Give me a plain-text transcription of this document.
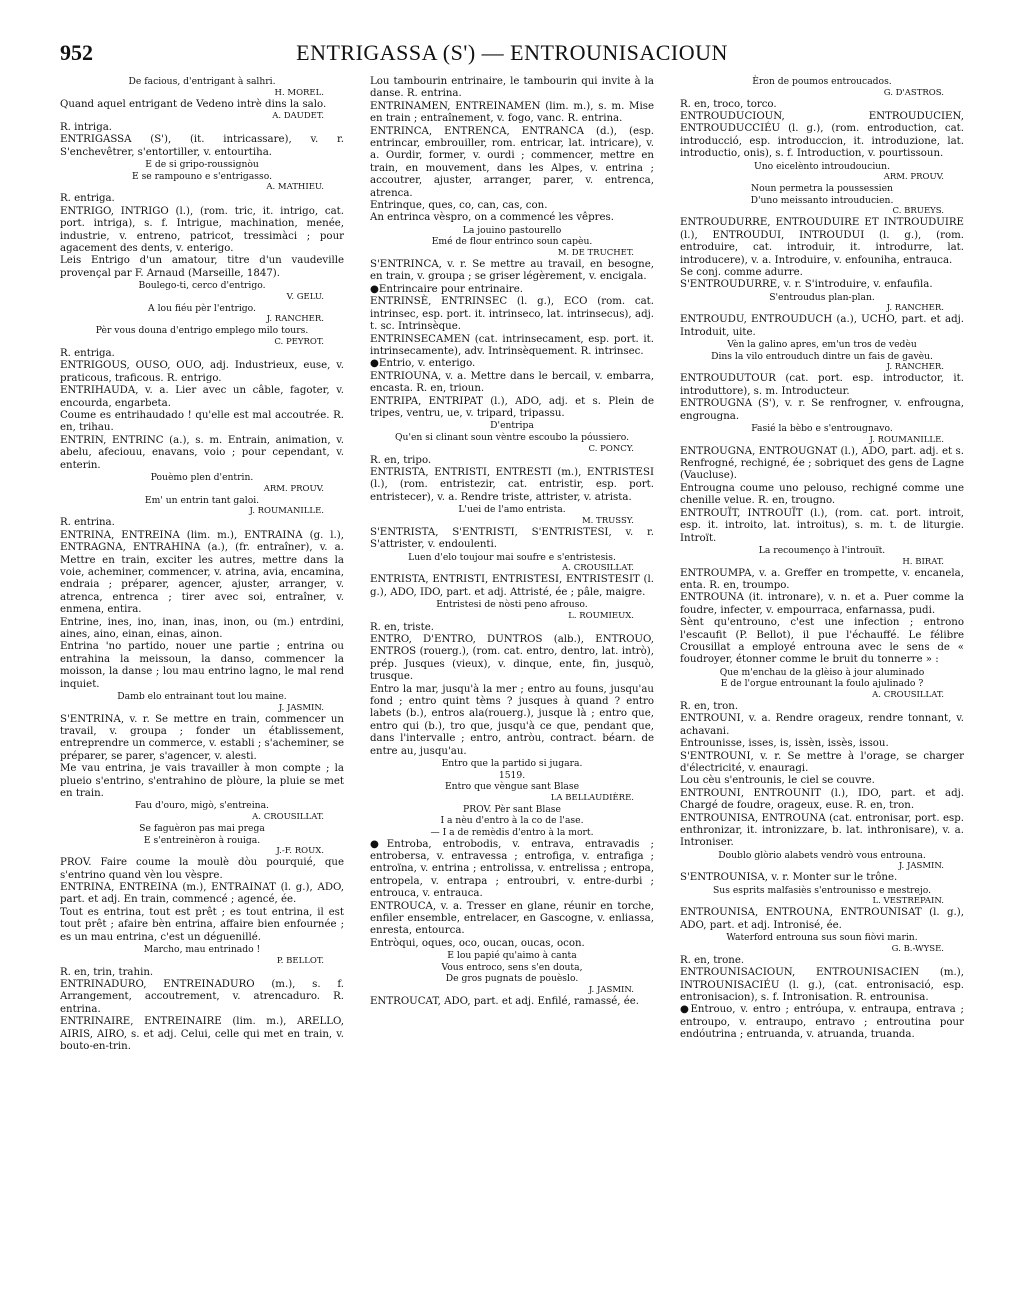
952	ENTRIGASSA (S') — ENTROUNISACIOUN

De facious, d'entrigant à salhri.

H. MOREL.

Quand aquel entrigant de Vedeno intrè dins la salo.

A. DAUDET.

R. intriga.

ENTRIGASSA (S'), (it. intricassare), v. r. S'enchevêtrer, s'entortiller, v. entourtiha.

E de si gripo-roussignòu

E se rampouno e s'entrigasso.

A. MATHIEU.

R. entriga.

ENTRIGO, INTRIGO (l.), (rom. tric, it. intrigo, cat. port. intriga), s. f. Intrigue, machination, menée, industrie, v. entreno, patricot, tressimàci ; pour agacement des dents, v. enterigo.

Leis Entrigo d'un amatour, titre d'un vaudeville provençal par F. Arnaud (Marseille, 1847).

Boulego-ti, cerco d'entrigo.

V. GELU.

A lou fiéu pèr l'entrigo.

J. RANCHER.

Pèr vous douna d'entrigo emplego milo tours.

C. PEYROT.

R. entriga.

ENTRIGOUS, OUSO, OUO, adj. Industrieux, euse, v. praticous, traficous. R. entrigo.

ENTRIHAUDA, v. a. Lier avec un câble, fagoter, v. encourda, engarbeta.

Coume es entrihaudado ! qu'elle est mal accoutrée. R. en, trihau.

ENTRIN, ENTRINC (a.), s. m. Entrain, animation, v. abelu, afeciouu, enavans, voio ; pour cependant, v. enterin.

Pouèmo plen d'entrin.

ARM. PROUV.

Em' un entrin tant galoi.

J. ROUMANILLE.

R. entrina.

ENTRINA, ENTREINA (lim. m.), ENTRAINA (g. l.), ENTRAGNA, ENTRAHINA (a.), (fr. entraîner), v. a. Mettre en train, exciter les autres, mettre dans la voie, acheminer, commencer, v. atrina, avia, encamina, endraia ; préparer, agencer, ajuster, arranger, v. atrenca, entrenca ; tirer avec soi, entraîner, v. enmena, entira.

Entrine, ines, ino, inan, inas, inon, ou (m.) entrdini, aines, aino, einan, einas, ainon.

Entrina 'no partido, nouer une partie ; entrina ou entrahina la meissoun, la danso, commencer la moisson, la danse ; lou mau entrino lagno, le mal rend inquiet.

Damb elo entrainant tout lou maine.

J. JASMIN.

S'ENTRINA, v. r. Se mettre en train, commencer un travail, v. groupa ; fonder un établissement, entreprendre un commerce, v. establi ; s'acheminer, se préparer, se parer, s'agencer, v. alesti.

Me vau entrina, je vais travailler à mon compte ; la plueio s'entrino, s'entrahino de plòure, la pluie se met en train.

Fau d'ouro, migò, s'entreina.

A. CROUSILLAT.

Se faguèron pas mai prega

E s'entreinèron à rouiga.

J.-F. ROUX.

PROV. Faire coume la moulè dòu pourquié, que s'entrino quand vèn lou vèspre.

ENTRINA, ENTREINA (m.), ENTRAINAT (l. g.), ADO, part. et adj. En train, commencé ; agencé, ée.

Tout es entrina, tout est prêt ; es tout entrina, il est tout prêt ; afaire bèn entrina, affaire bien enfournée ; es un mau entrina, c'est un déguenillé.

Marcho, mau entrinado !

P. BELLOT.

R. en, trin, trahin.

ENTRINADURO, ENTREINADURO (m.), s. f. Arrangement, accoutrement, v. atrencaduro. R. entrina.

ENTRINAIRE, ENTREINAIRE (lim. m.), ARELLO, AIRIS, AIRO, s. et adj. Celui, celle qui met en train, v. bouto-en-trin.

Lou tambourin entrinaire, le tambourin qui invite à la danse. R. entrina.

ENTRINAMEN, ENTREINAMEN (lim. m.), s. m. Mise en train ; entraînement, v. fogo, vanc. R. entrina.

ENTRINCA, ENTRENCA, ENTRANCA (d.), (esp. entrincar, embrouiller, rom. entricar, lat. intricare), v. a. Ourdir, former, v. ourdi ; commencer, mettre en train, en mouvement, dans les Alpes, v. entrina ; accoutrer, ajuster, arranger, parer, v. entrenca, atrenca.

Entrinque, ques, co, can, cas, con.

An entrinca vèspro, on a commencé les vêpres.

La jouino pastourello

Emé de flour entrinco soun capèu.

M. DE TRUCHET.

S'ENTRINCA, v. r. Se mettre au travail, en besogne, en train, v. groupa ; se griser légèrement, v. encigala.

●Entrincaire pour entrinaire.

ENTRINSÈ, ENTRINSEC (l. g.), ECO (rom. cat. intrinsec, esp. port. it. intrinseco, lat. intrinsecus), adj. t. sc. Intrinsèque.

ENTRINSECAMEN (cat. intrinsecament, esp. port. it. intrinsecamente), adv. Intrinsèquement. R. intrinsec.

●Entrio, v. enterigo.

ENTRIOUNA, v. a. Mettre dans le bercail, v. embarra, encasta. R. en, trioun.

ENTRIPA, ENTRIPAT (l.), ADO, adj. et s. Plein de tripes, ventru, ue, v. tripard, tripassu.

D'entripa

Qu'en si clinant soun vèntre escoubo la póussiero.

C. PONCY.

R. en, tripo.

ENTRISTA, ENTRISTI, ENTRESTI (m.), ENTRISTESI (l.), (rom. entristezir, cat. entristir, esp. port. entristecer), v. a. Rendre triste, attrister, v. atrista.

L'uei de l'amo entrista.

M. TRUSSY.

S'ENTRISTA, S'ENTRISTI, S'ENTRISTESI, v. r. S'attrister, v. endoulenti.

Luen d'elo toujour mai soufre e s'entristesis.

A. CROUSILLAT.

ENTRISTA, ENTRISTI, ENTRISTESI, ENTRISTESIT (l. g.), ADO, IDO, part. et adj. Attristé, ée ; pâle, maigre.

Entristesi de nòsti peno afrouso.

L. ROUMIEUX.

R. en, triste.

ENTRO, D'ENTRO, DUNTROS (alb.), ENTROUO, ENTROS (rouerg.), (rom. cat. entro, dentro, lat. intrò), prép. Jusques (vieux), v. dinque, ente, fin, jusquò, trusque.

Entro la mar, jusqu'à la mer ; entro au founs, jusqu'au fond ; entro quint tèms ? jusques à quand ? entro labets (b.), entros ala(rouerg.), jusque là ; entro que, entro qui (b.), tro que, jusqu'à ce que, pendant que, dans l'intervalle ; entro, antròu, contract. béarn. de entre au, jusqu'au.

Entro que la partido si jugara.

1519.

Entro que vèngue sant Blase

LA BELLAUDIÈRE.

PROV. Pèr sant Blase

I a nèu d'entro à la co de l'ase.

— I a de remèdis d'entro à la mort.

●Entroba, entrobodis, v. entrava, entravadis ; entrobersa, v. entravessa ; entrofiga, v. entrafiga ; entroïna, v. entrina ; entrolissa, v. entrelissa ; entropa, entropela, v. entrapa ; entroubri, v. entre-durbi ; entrouca, v. entrauca.

ENTROUCA, v. a. Tresser en glane, réunir en torche, enfiler ensemble, entrelacer, en Gascogne, v. enliassa, enresta, entourca.

Entròqui, oques, oco, oucan, oucas, ocon.

E lou papié qu'aimo à canta

Vous entroco, sens s'en douta,

De gros pugnats de pouèslo.

J. JASMIN.

ENTROUCAT, ADO, part. et adj. Enfilé, ramassé, ée.

Èron de poumos entroucados.

G. D'ASTROS.

R. en, troco, torco.

ENTROUDUCIOUN, ENTROUDUCIEN, ENTROUDUCCIÉU (l. g.), (rom. entroduction, cat. introducció, esp. introduccion, it. introduzione, lat. introductio, onis), s. f. Introduction, v. pourtissoun.

Uno eicelènto introudouciun.

ARM. PROUV.

Noun permetra la poussessien

D'uno meissanto introuducien.

C. BRUEYS.

ENTROUDURRE, ENTROUDUIRE ET INTROUDUIRE (l.), ENTROUDUI, INTROUDUI (l. g.), (rom. entroduire, cat. introduir, it. introdurre, lat. introducere), v. a. Introduire, v. enfouniha, entrauca.

Se conj. comme adurre.

S'ENTROUDURRE, v. r. S'introduire, v. enfaufila.

S'entroudus plan-plan.

J. RANCHER.

ENTROUDU, ENTROUDUCH (a.), UCHO, part. et adj. Introduit, uite.

Vèn la galino apres, em'un tros de vedèu

Dins la vilo entrouduch dintre un fais de gavèu.

J. RANCHER.

ENTROUDUTOUR (cat. port. esp. introductor, it. introduttore), s. m. Introducteur.

ENTROUGNA (S'), v. r. Se renfrogner, v. enfrougna, engrougna.

Fasié la bèbo e s'entrougnavo.

J. ROUMANILLE.

ENTROUGNA, ENTROUGNAT (l.), ADO, part. adj. et s. Renfrogné, rechigné, ée ; sobriquet des gens de Lagne (Vaucluse).

Entrougna coume uno pelouso, rechigné comme une chenille velue. R. en, trougno.

ENTROUÏT, INTROUÏT (l.), (rom. cat. port. introit, esp. it. introito, lat. introitus), s. m. t. de liturgie. Introït.

La recoumenço à l'introuït.

H. BIRAT.

ENTROUMPA, v. a. Greffer en trompette, v. encanela, enta. R. en, troumpo.

ENTROUNA (it. intronare), v. n. et a. Puer comme la foudre, infecter, v. empourraca, enfarnassa, pudi.

Sènt qu'entrouno, c'est une infection ; entrono l'escaufit (P. Bellot), il pue l'échauffé. Le félibre Crousillat a employé entrouna avec le sens de « foudroyer, étonner comme le bruit du tonnerre » :

Que m'enchau de la glèiso à jour aluminado

E de l'orgue entrounant la foulo ajulinado ?

A. CROUSILLAT.

R. en, tron.

ENTROUNI, v. a. Rendre orageux, rendre tonnant, v. achavani.

Entrounisse, isses, is, issèn, issès, issou.

S'ENTROUNI, v. r. Se mettre à l'orage, se charger d'électricité, v. enauragi.

Lou cèu s'entrounis, le ciel se couvre.

ENTROUNI, ENTROUNIT (l.), IDO, part. et adj. Chargé de foudre, orageux, euse. R. en, tron.

ENTROUNISA, ENTROUNA (cat. entronisar, port. esp. enthronizar, it. intronizzare, b. lat. inthronisare), v. a. Introniser.

Doublo glòrio alabets vendrò vous entrouna.

J. JASMIN.

S'ENTROUNISA, v. r. Monter sur le trône.

Sus esprits malfasiès s'entrounisso e mestrejo.

L. VESTREPAIN.

ENTROUNISA, ENTROUNA, ENTROUNISAT (l. g.), ADO, part. et adj. Intronisé, ée.

Waterford entrouna sus soun fiòvi marin.

G. B.-WYSE.

R. en, trone.

ENTROUNISACIOUN, ENTROUNISACIEN (m.), INTROUNISACIÉU (l. g.), (cat. entronisació, esp. entronisacion), s. f. Intronisation. R. entrounisa.

●Entrouo, v. entro ; entróupa, v. entraupa, entrava ; entroupo, v. entraupo, entravo ; entroutina pour endóutrina ; entruanda, v. atruanda, truanda.
